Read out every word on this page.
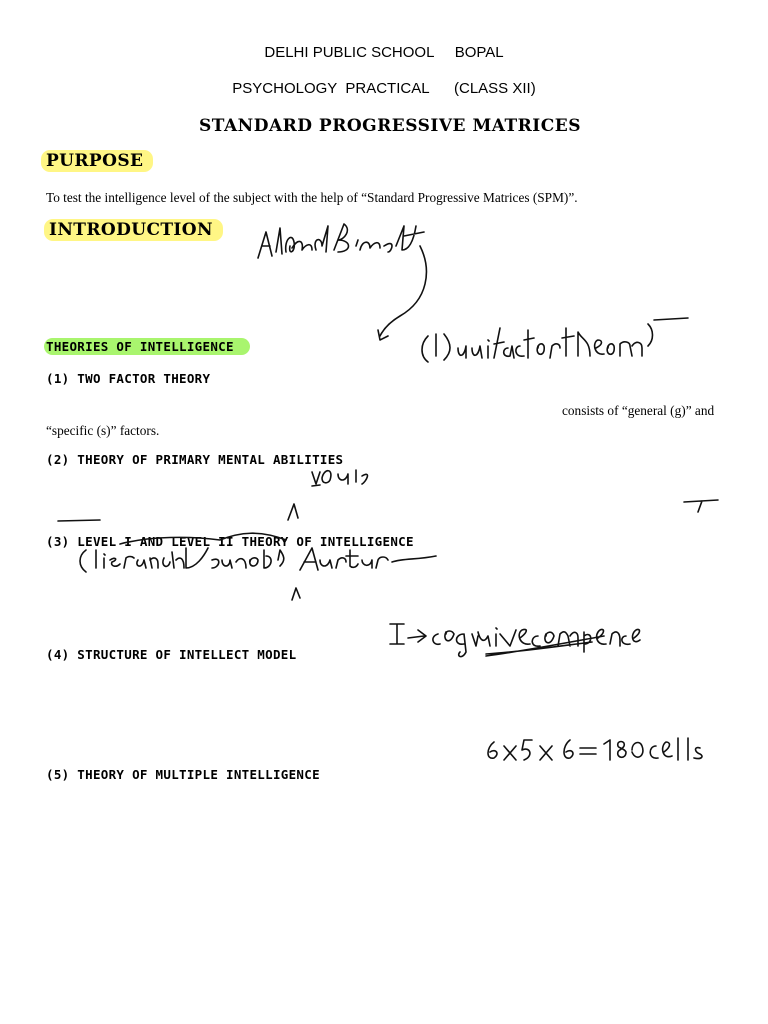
DELHI PUBLIC SCHOOL     BOPAL
PSYCHOLOGY  PRACTICAL      (CLASS XII)
STANDARD PROGRESSIVE MATRICES
PURPOSE
To test the intelligence level of the subject with the help of “Standard Progressive Matrices (SPM)”.
INTRODUCTION
THEORIES OF INTELLIGENCE
(1) TWO FACTOR THEORY
consists of “general (g)” and
“specific (s)” factors.
(2) THEORY OF PRIMARY MENTAL ABILITIES
(3) LEVEL I AND LEVEL II THEORY OF INTELLIGENCE
(4) STRUCTURE OF INTELLECT MODEL
(5) THEORY OF MULTIPLE INTELLIGENCE
